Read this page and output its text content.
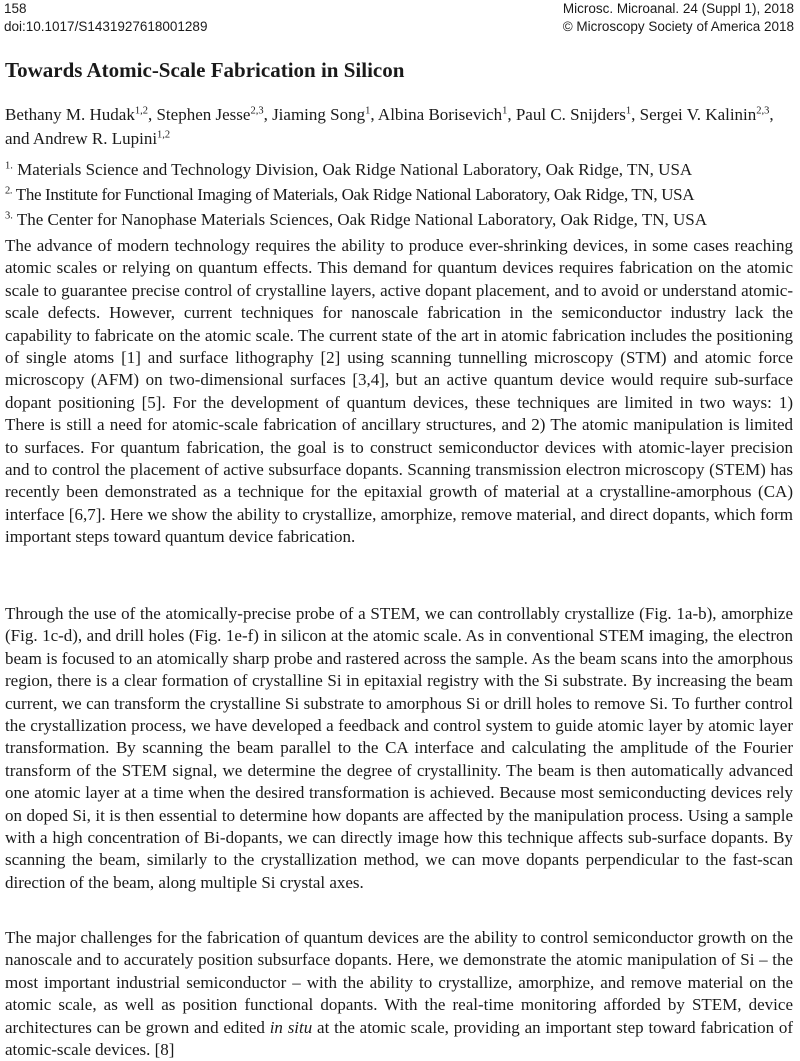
158	Microsc. Microanal. 24 (Suppl 1), 2018
doi:10.1017/S1431927618001289	© Microscopy Society of America 2018
Towards Atomic-Scale Fabrication in Silicon

Bethany M. Hudak$^{1,2}$, Stephen Jesse$^{2,3}$, Jiaming Song$^1$, Albina Borisevich$^1$, Paul C. Snijders$^1$, Sergei V. Kalinin$^{2,3}$, and Andrew R. Lupini$^{1,2}$

$^{1.}$ Materials Science and Technology Division, Oak Ridge National Laboratory, Oak Ridge, TN, USA
$^{2.}$ The Institute for Functional Imaging of Materials, Oak Ridge National Laboratory, Oak Ridge, TN, USA
$^{3.}$ The Center for Nanophase Materials Sciences, Oak Ridge National Laboratory, Oak Ridge, TN, USA

The advance of modern technology requires the ability to produce ever-shrinking devices, in some cases reaching atomic scales or relying on quantum effects. This demand for quantum devices requires fabrication on the atomic scale to guarantee precise control of crystalline layers, active dopant placement, and to avoid or understand atomic-scale defects. However, current techniques for nanoscale fabrication in the semiconductor industry lack the capability to fabricate on the atomic scale. The current state of the art in atomic fabrication includes the positioning of single atoms [1] and surface lithography [2] using scanning tunnelling microscopy (STM) and atomic force microscopy (AFM) on two-dimensional surfaces [3,4], but an active quantum device would require sub-surface dopant positioning [5]. For the development of quantum devices, these techniques are limited in two ways: 1) There is still a need for atomic-scale fabrication of ancillary structures, and 2) The atomic manipulation is limited to surfaces. For quantum fabrication, the goal is to construct semiconductor devices with atomic-layer precision and to control the placement of active subsurface dopants. Scanning transmission electron microscopy (STEM) has recently been demonstrated as a technique for the epitaxial growth of material at a crystalline-amorphous (CA) interface [6,7]. Here we show the ability to crystallize, amorphize, remove material, and direct dopants, which form important steps toward quantum device fabrication.

Through the use of the atomically-precise probe of a STEM, we can controllably crystallize (Fig. 1a-b), amorphize (Fig. 1c-d), and drill holes (Fig. 1e-f) in silicon at the atomic scale. As in conventional STEM imaging, the electron beam is focused to an atomically sharp probe and rastered across the sample. As the beam scans into the amorphous region, there is a clear formation of crystalline Si in epitaxial registry with the Si substrate. By increasing the beam current, we can transform the crystalline Si substrate to amorphous Si or drill holes to remove Si. To further control the crystallization process, we have developed a feedback and control system to guide atomic layer by atomic layer transformation. By scanning the beam parallel to the CA interface and calculating the amplitude of the Fourier transform of the STEM signal, we determine the degree of crystallinity. The beam is then automatically advanced one atomic layer at a time when the desired transformation is achieved. Because most semiconducting devices rely on doped Si, it is then essential to determine how dopants are affected by the manipulation process. Using a sample with a high concentration of Bi-dopants, we can directly image how this technique affects sub-surface dopants. By scanning the beam, similarly to the crystallization method, we can move dopants perpendicular to the fast-scan direction of the beam, along multiple Si crystal axes.

The major challenges for the fabrication of quantum devices are the ability to control semiconductor growth on the nanoscale and to accurately position subsurface dopants. Here, we demonstrate the atomic manipulation of Si – the most important industrial semiconductor – with the ability to crystallize, amorphize, and remove material on the atomic scale, as well as position functional dopants. With the real-time monitoring afforded by STEM, device architectures can be grown and edited in situ at the atomic scale, providing an important step toward fabrication of atomic-scale devices. [8]
